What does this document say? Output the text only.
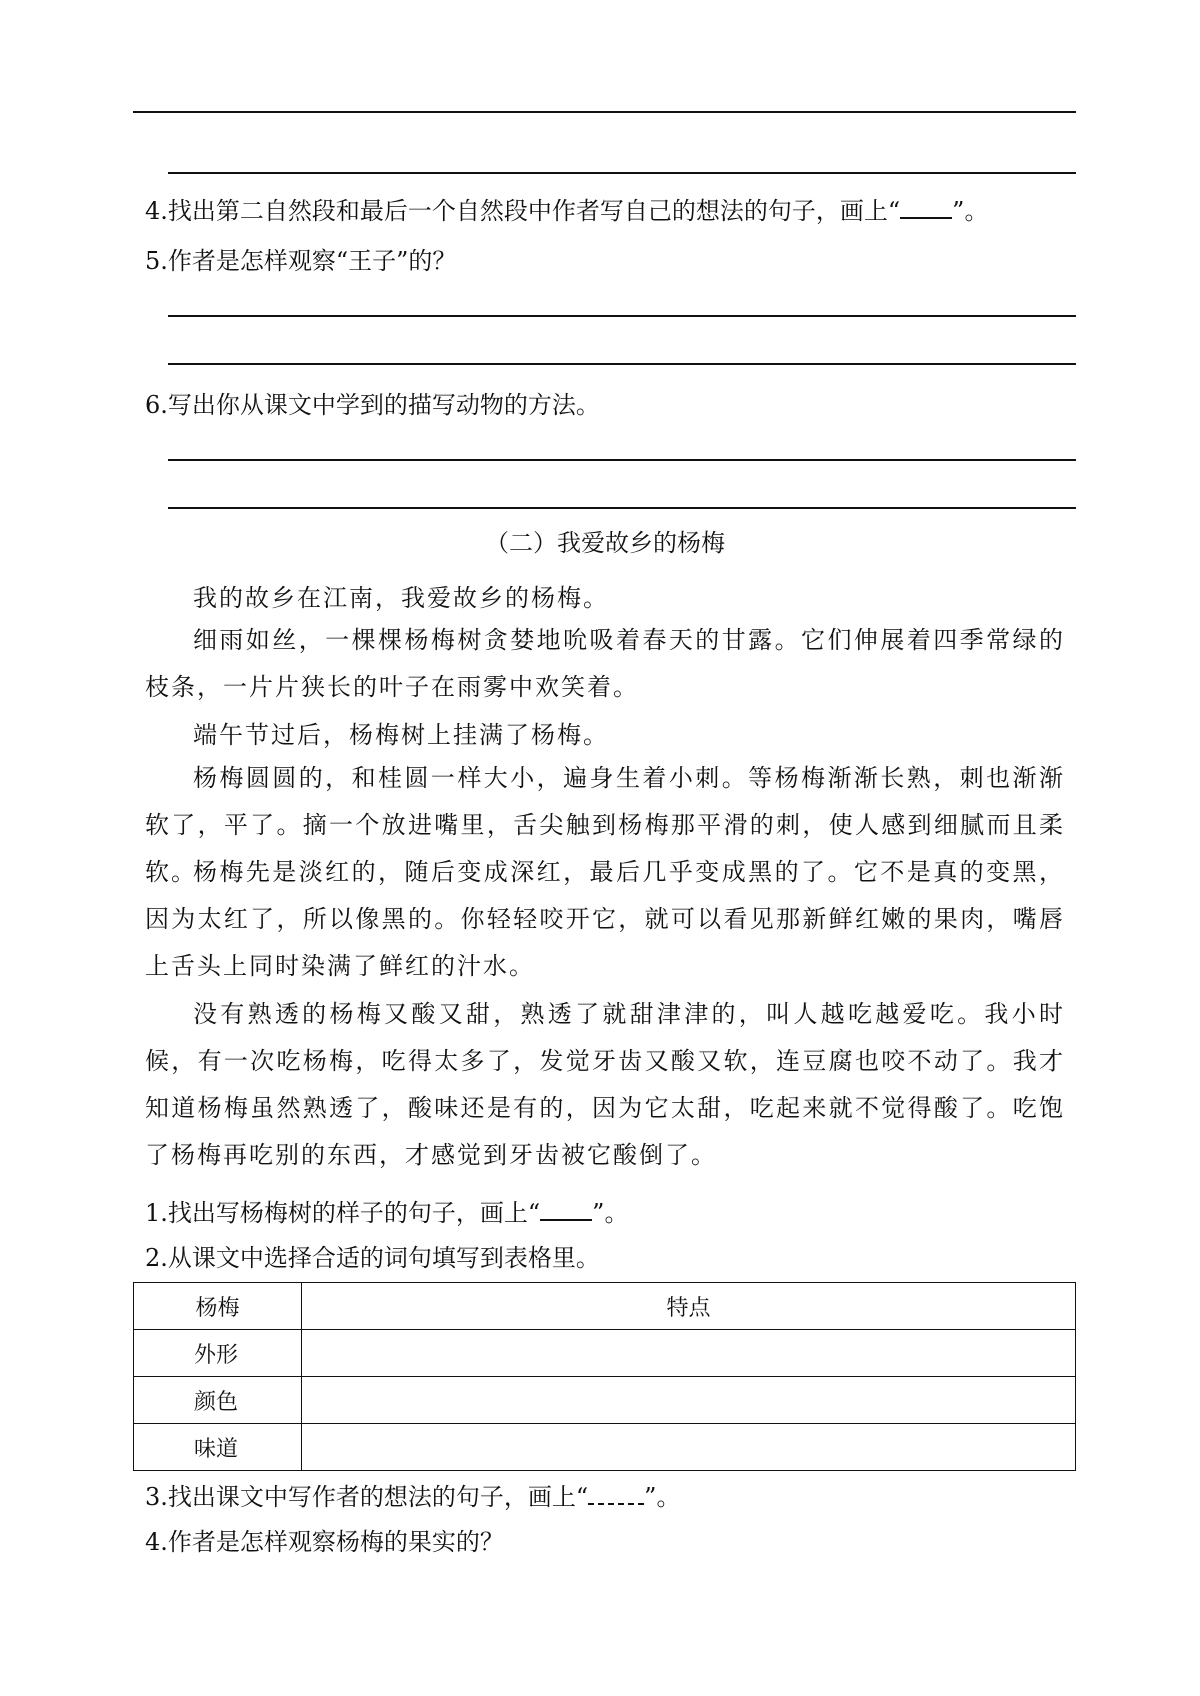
4.找出第二自然段和最后一个自然段中作者写自己的想法的句子，画上“ ”。
5.作者是怎样观察“王子”的？
6.写出你从课文中学到的描写动物的方法。
（二）我爱故乡的杨梅
我的故乡在江南，我爱故乡的杨梅。
细雨如丝，一棵棵杨梅树贪婪地吮吸着春天的甘露。它们伸展着四季常绿的枝条，一片片狭长的叶子在雨雾中欢笑着。
端午节过后，杨梅树上挂满了杨梅。
杨梅圆圆的，和桂圆一样大小，遍身生着小刺。等杨梅渐渐长熟，刺也渐渐软了，平了。摘一个放进嘴里，舌尖触到杨梅那平滑的刺，使人感到细腻而且柔软。
杨梅先是淡红的，随后变成深红，最后几乎变成黑的了。它不是真的变黑，因为太红了，所以像黑的。你轻轻咬开它，就可以看见那新鲜红嫩的果肉，嘴唇上舌头上同时染满了鲜红的汁水。
没有熟透的杨梅又酸又甜，熟透了就甜津津的，叫人越吃越爱吃。我小时候，有一次吃杨梅，吃得太多了，发觉牙齿又酸又软，连豆腐也咬不动了。我才知道杨梅虽然熟透了，酸味还是有的，因为它太甜，吃起来就不觉得酸了。吃饱了杨梅再吃别的东西，才感觉到牙齿被它酸倒了。
1.找出写杨梅树的样子的句子，画上“ ”。
2.从课文中选择合适的词句填写到表格里。
杨梅	特点
外形	
颜色	
味道	
3.找出课文中写作者的想法的句子，画上“ ”。
4.作者是怎样观察杨梅的果实的？
